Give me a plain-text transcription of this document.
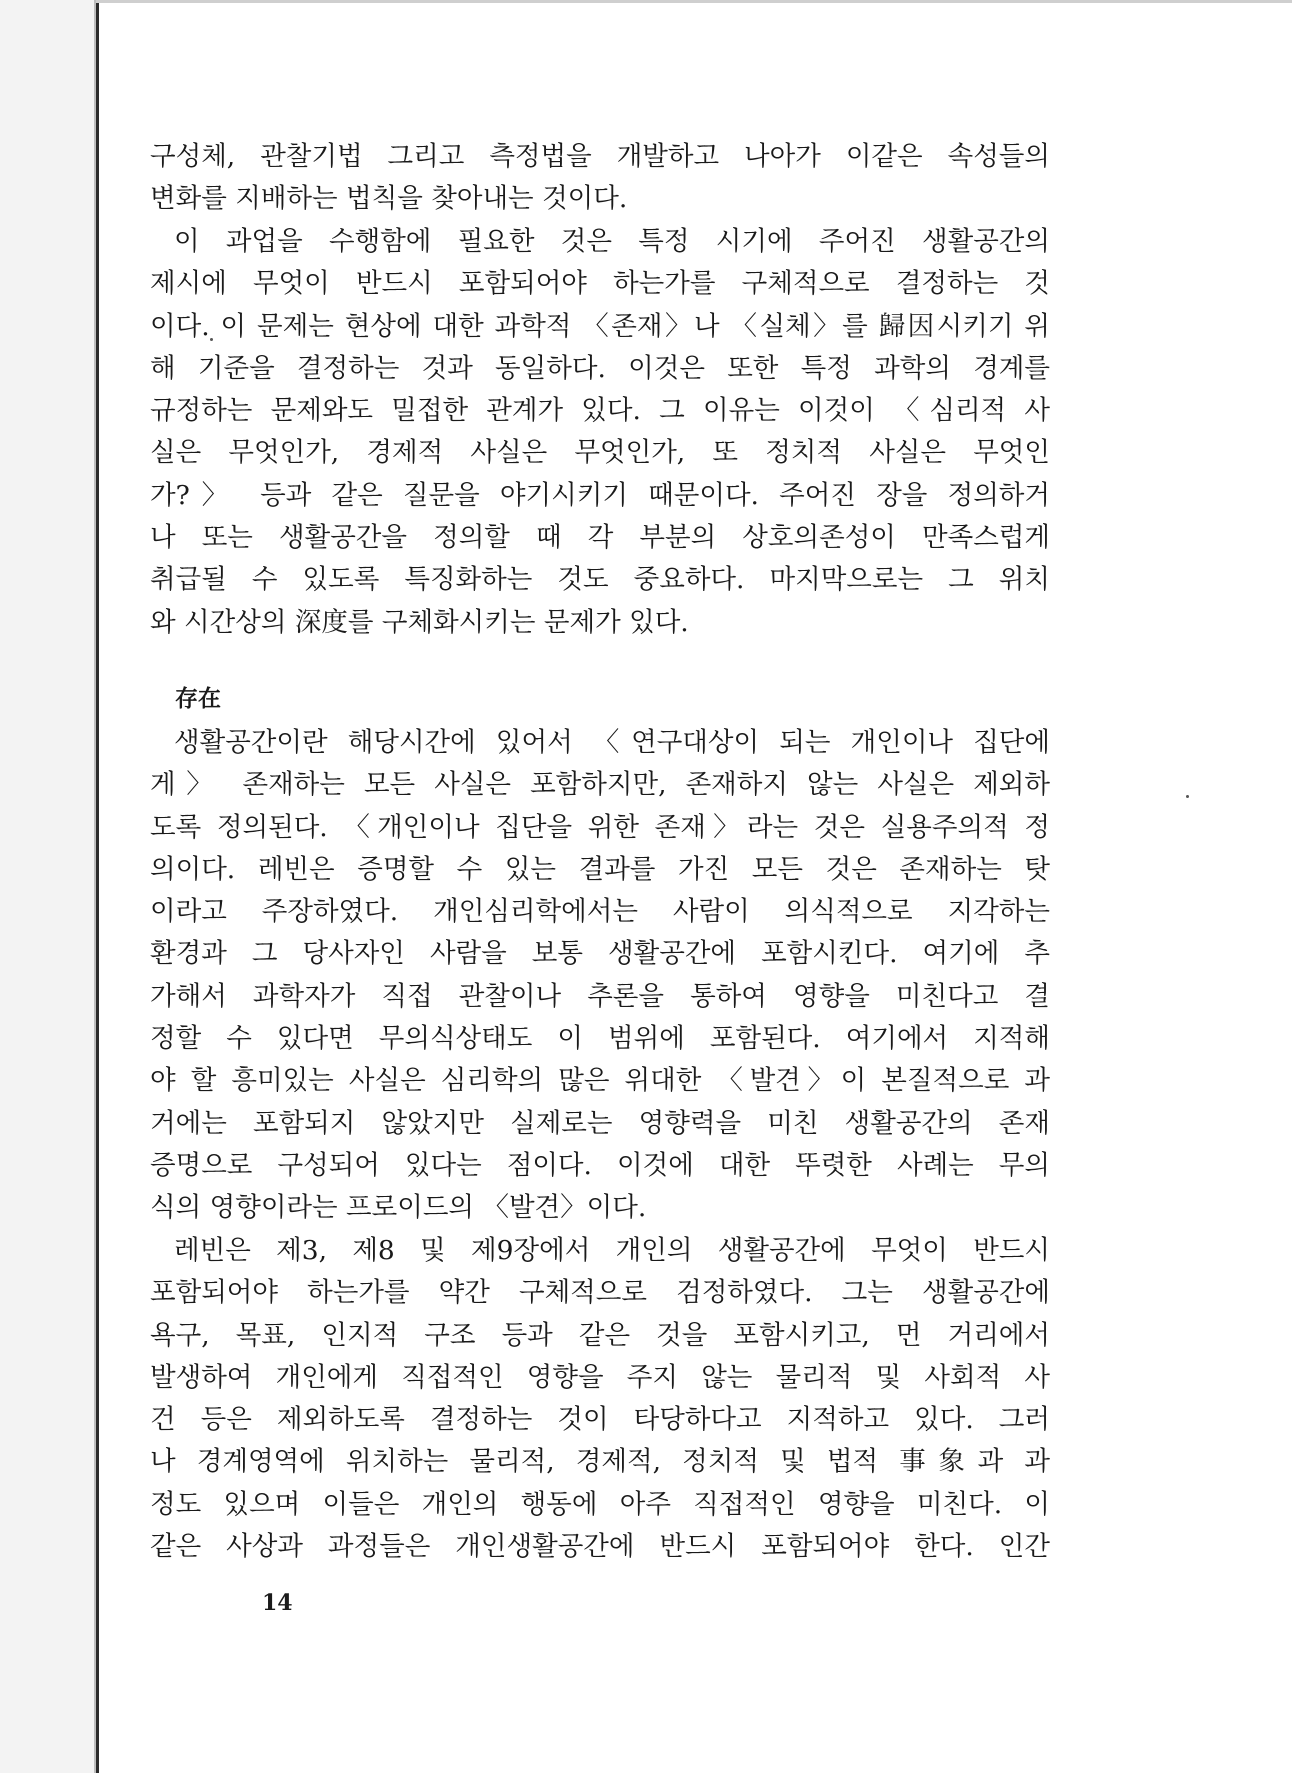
구성체, 관찰기법 그리고 측정법을 개발하고 나아가 이같은 속성들의
변화를 지배하는 법칙을 찾아내는 것이다.
이 과업을 수행함에 필요한 것은 특정 시기에 주어진 생활공간의
제시에 무엇이 반드시 포함되어야 하는가를 구체적으로 결정하는 것
이다. 이 문제는 현상에 대한 과학적 〈존재〉나 〈실체〉를 歸因시키기 위
해 기준을 결정하는 것과 동일하다. 이것은 또한 특정 과학의 경계를
규정하는 문제와도 밀접한 관계가 있다. 그 이유는 이것이 〈심리적 사
실은 무엇인가, 경제적 사실은 무엇인가, 또 정치적 사실은 무엇인
가?〉 등과 같은 질문을 야기시키기 때문이다. 주어진 장을 정의하거
나 또는 생활공간을 정의할 때 각 부분의 상호의존성이 만족스럽게
취급될 수 있도록 특징화하는 것도 중요하다. 마지막으로는 그 위치
와 시간상의 深度를 구체화시키는 문제가 있다.
存在
생활공간이란 해당시간에 있어서 〈연구대상이 되는 개인이나 집단에
게〉 존재하는 모든 사실은 포함하지만, 존재하지 않는 사실은 제외하
도록 정의된다. 〈개인이나 집단을 위한 존재〉라는 것은 실용주의적 정
의이다. 레빈은 증명할 수 있는 결과를 가진 모든 것은 존재하는 탓
이라고 주장하였다. 개인심리학에서는 사람이 의식적으로 지각하는
환경과 그 당사자인 사람을 보통 생활공간에 포함시킨다. 여기에 추
가해서 과학자가 직접 관찰이나 추론을 통하여 영향을 미친다고 결
정할 수 있다면 무의식상태도 이 범위에 포함된다. 여기에서 지적해
야 할 흥미있는 사실은 심리학의 많은 위대한 〈발견〉이 본질적으로 과
거에는 포함되지 않았지만 실제로는 영향력을 미친 생활공간의 존재
증명으로 구성되어 있다는 점이다. 이것에 대한 뚜렷한 사례는 무의
식의 영향이라는 프로이드의 〈발견〉이다.
레빈은 제3, 제8 및 제9장에서 개인의 생활공간에 무엇이 반드시
포함되어야 하는가를 약간 구체적으로 검정하였다. 그는 생활공간에
욕구, 목표, 인지적 구조 등과 같은 것을 포함시키고, 먼 거리에서
발생하여 개인에게 직접적인 영향을 주지 않는 물리적 및 사회적 사
건 등은 제외하도록 결정하는 것이 타당하다고 지적하고 있다. 그러
나 경계영역에 위치하는 물리적, 경제적, 정치적 및 법적 事象과 과
정도 있으며 이들은 개인의 행동에 아주 직접적인 영향을 미친다. 이
같은 사상과 과정들은 개인생활공간에 반드시 포함되어야 한다. 인간
14
